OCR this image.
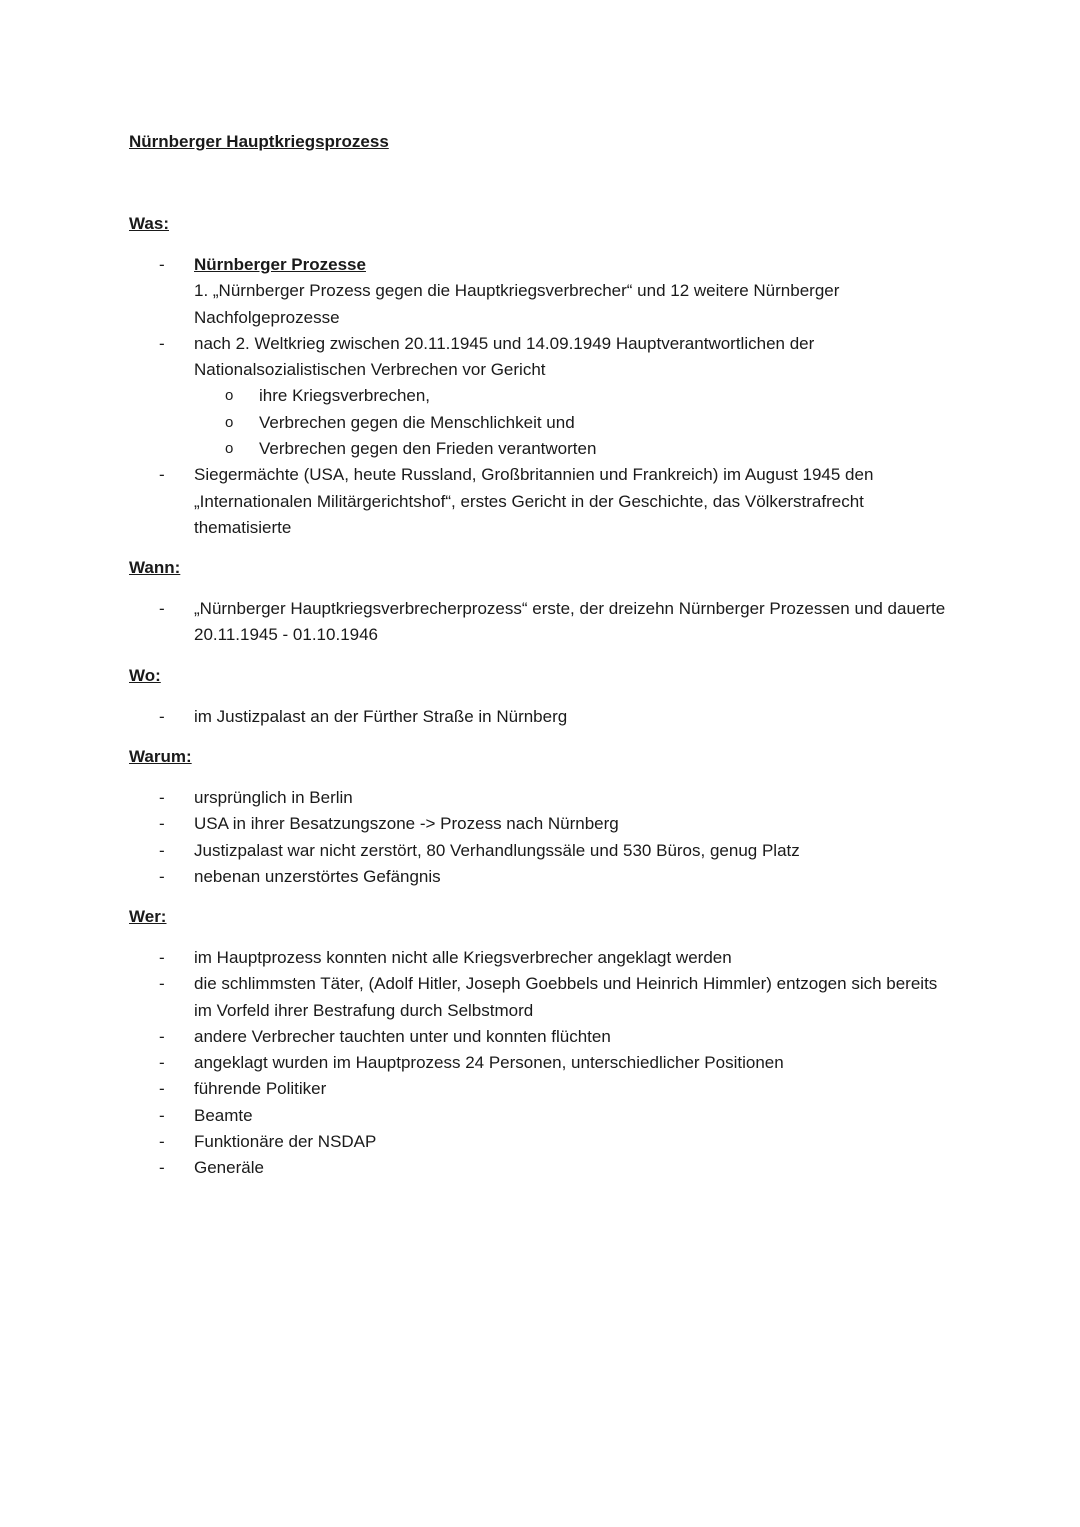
Nürnberger Hauptkriegsprozess
Was:
- Nürnberger Prozesse
1. „Nürnberger Prozess gegen die Hauptkriegsverbrecher“ und 12 weitere Nürnberger Nachfolgeprozesse
- nach 2. Weltkrieg zwischen 20.11.1945 und 14.09.1949 Hauptverantwortlichen der Nationalsozialistischen Verbrechen vor Gericht
o ihre Kriegsverbrechen,
o Verbrechen gegen die Menschlichkeit und
o Verbrechen gegen den Frieden verantworten
- Siegermächte (USA, heute Russland, Großbritannien und Frankreich) im August 1945 den „Internationalen Militärgerichtshof“, erstes Gericht in der Geschichte, das Völkerstrafrecht thematisierte
Wann:
- „Nürnberger Hauptkriegsverbrecherprozess“ erste, der dreizehn Nürnberger Prozessen und dauerte 20.11.1945 - 01.10.1946
Wo:
- im Justizpalast an der Fürther Straße in Nürnberg
Warum:
- ursprünglich in Berlin
- USA in ihrer Besatzungszone -> Prozess nach Nürnberg
- Justizpalast war nicht zerstört, 80 Verhandlungssäle und 530 Büros, genug Platz
- nebenan unzerstörtes Gefängnis
Wer:
- im Hauptprozess konnten nicht alle Kriegsverbrecher angeklagt werden
- die schlimmsten Täter, (Adolf Hitler, Joseph Goebbels und Heinrich Himmler) entzogen sich bereits im Vorfeld ihrer Bestrafung durch Selbstmord
- andere Verbrecher tauchten unter und konnten flüchten
- angeklagt wurden im Hauptprozess 24 Personen, unterschiedlicher Positionen
- führende Politiker
- Beamte
- Funktionäre der NSDAP
- Generäle
